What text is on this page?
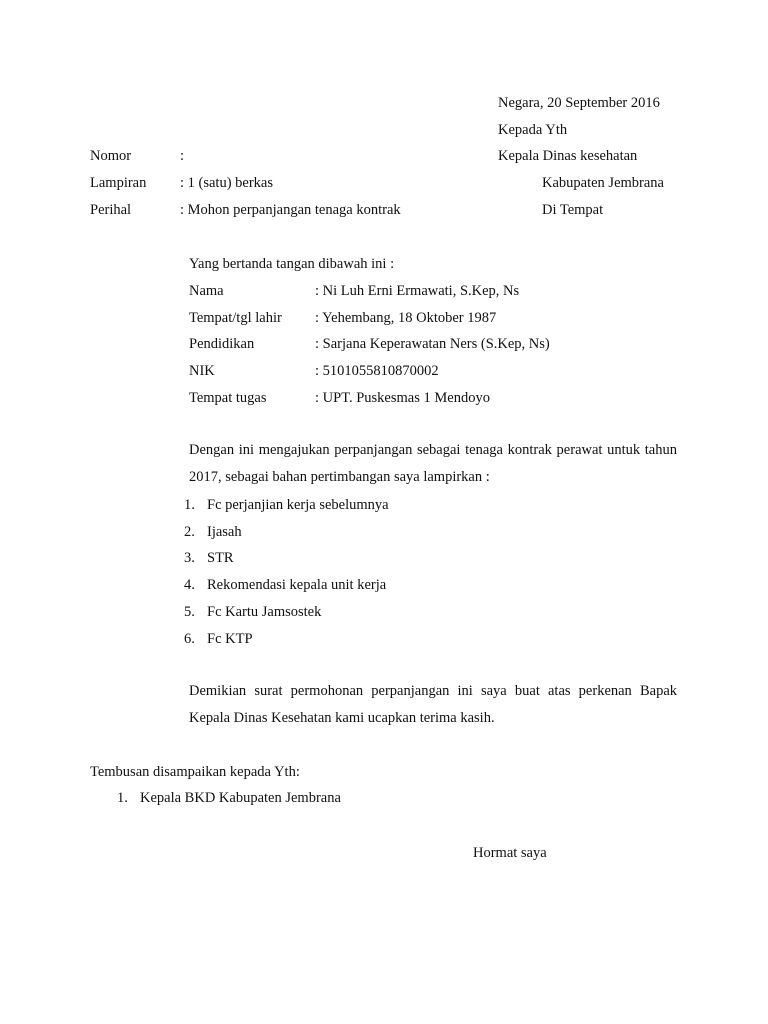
Negara, 20 September 2016
Kepada Yth
Kepala Dinas kesehatan
Kabupaten Jembrana
Di Tempat
Nomor	:
Lampiran : 1 (satu) berkas
Perihal	: Mohon perpanjangan tenaga kontrak
Yang bertanda tangan dibawah ini :
Nama	: Ni Luh Erni Ermawati, S.Kep, Ns
Tempat/tgl lahir : Yehembang, 18 Oktober 1987
Pendidikan	: Sarjana Keperawatan Ners (S.Kep, Ns)
NIK	: 5101055810870002
Tempat tugas	: UPT. Puskesmas 1 Mendoyo
Dengan ini mengajukan perpanjangan sebagai tenaga kontrak perawat untuk tahun 2017, sebagai bahan pertimbangan saya lampirkan :
1. Fc perjanjian kerja sebelumnya
2. Ijasah
3. STR
4. Rekomendasi kepala unit kerja
5. Fc Kartu Jamsostek
6. Fc KTP
Demikian surat permohonan perpanjangan ini saya buat atas perkenan Bapak Kepala Dinas Kesehatan kami ucapkan terima kasih.
Tembusan disampaikan kepada Yth:
1. Kepala BKD Kabupaten Jembrana
Hormat saya
